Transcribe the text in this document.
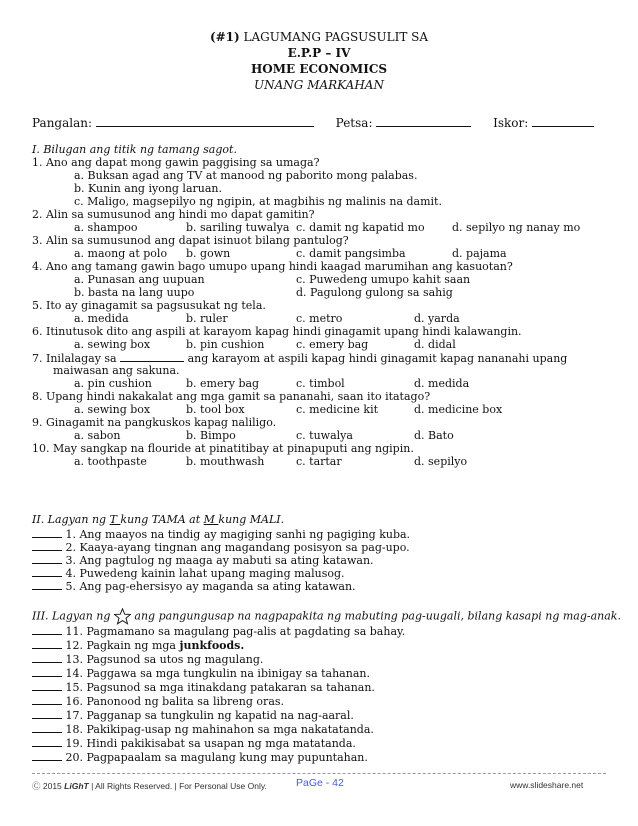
(#1) LAGUMANG PAGSUSULIT SA
E.P.P – IV
HOME ECONOMICS
UNANG MARKAHAN
Pangalan:	Petsa:	Iskor:
I. Bilugan ang titik ng tamang sagot.
1. Ano ang dapat mong gawin paggising sa umaga?
a. Buksan agad ang TV at manood ng paborito mong palabas.
b. Kunin ang iyong laruan.
c. Maligo, magsepilyo ng ngipin, at magbihis ng malinis na damit.
2. Alin sa sumusunod ang hindi mo dapat gamitin?
a. shampoo	b. sariling tuwalya c. damit ng kapatid mo d. sepilyo ng nanay mo
3. Alin sa sumusunod ang dapat isinuot bilang pantulog?
a. maong at polo b. gown	c. damit pangsimba	d. pajama
4. Ano ang tamang gawin bago umupo upang hindi kaagad marumihan ang kasuotan?
a. Punasan ang uupuan	c. Puwedeng umupo kahit saan
b. basta na lang uupo	d. Pagulong gulong sa sahig
5. Ito ay ginagamit sa pagsusukat ng tela.
a. medida	b. ruler	c. metro	d. yarda
6. Itinutusok dito ang aspili at karayom kapag hindi ginagamit upang hindi kalawangin.
a. sewing box	b. pin cushion	c. emery bag	d. didal
7. Inilalagay sa	ang karayom at aspili kapag hindi ginagamit kapag nananahi upang
maiwasan ang sakuna.
a. pin cushion	b. emery bag	c. timbol	d. medida
8. Upang hindi nakakalat ang mga gamit sa pananahi, saan ito itatago?
a. sewing box	b. tool box	c. medicine kit	d. medicine box
9. Ginagamit na pangkuskos kapag naliligo.
a. sabon	b. Bimpo	c. tuwalya	d. Bato
10. May sangkap na flouride at pinatitibay at pinapuputi ang ngipin.
a. toothpaste	b. mouthwash	c. tartar	d. sepilyo
II. Lagyan ng T kung TAMA at M kung MALI.
1. Ang maayos na tindig ay magiging sanhi ng pagiging kuba.
2. Kaaya-ayang tingnan ang magandang posisyon sa pag-upo.
3. Ang pagtulog ng maaga ay mabuti sa ating katawan.
4. Puwedeng kainin lahat upang maging malusog.
5. Ang pag-ehersisyo ay maganda sa ating katawan.
III. Lagyan ng  ang pangungusap na nagpapakita ng mabuting pag-uugali, bilang kasapi ng mag-anak.
11. Pagmamano sa magulang pag-alis at pagdating sa bahay.
12. Pagkain ng mga junkfoods.
13. Pagsunod sa utos ng magulang.
14. Paggawa sa mga tungkulin na ibinigay sa tahanan.
15. Pagsunod sa mga itinakdang patakaran sa tahanan.
16. Panonood ng balita sa libreng oras.
17. Pagganap sa tungkulin ng kapatid na nag-aaral.
18. Pakikipag-usap ng mahinahon sa mga nakatatanda.
19. Hindi pakikisabat sa usapan ng mga matatanda.
20. Pagpapaalam sa magulang kung may pupuntahan.
Ⓒ 2015 LiGhT | All Rights Reserved. | For Personal Use Only.	PaGe - 42	www.slideshare.net
